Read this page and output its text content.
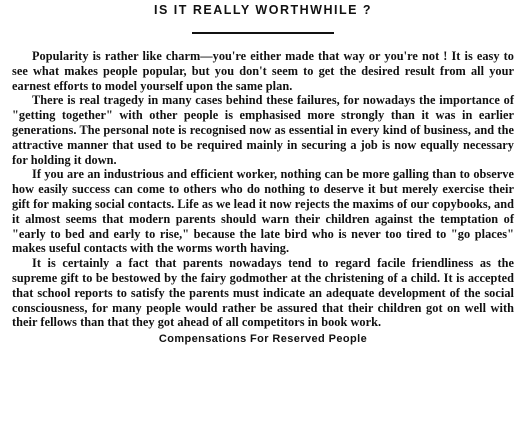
IS IT REALLY WORTHWHILE ?

Popularity is rather like charm—you're either made that way or you're not ! It is easy to see what makes people popular, but you don't seem to get the desired result from all your earnest efforts to model yourself upon the same plan.

There is real tragedy in many cases behind these failures, for nowadays the importance of "getting together" with other people is emphasised more strongly than it was in earlier generations. The personal note is recognised now as essential in every kind of business, and the attractive manner that used to be required mainly in securing a job is now equally necessary for holding it down.

If you are an industrious and efficient worker, nothing can be more galling than to observe how easily success can come to others who do nothing to deserve it but merely exercise their gift for making social contacts. Life as we lead it now rejects the maxims of our copybooks, and it almost seems that modern parents should warn their children against the temptation of "early to bed and early to rise," because the late bird who is never too tired to "go places" makes useful contacts with the worms worth having.

It is certainly a fact that parents nowadays tend to regard facile friendliness as the supreme gift to be bestowed by the fairy godmother at the christening of a child. It is accepted that school reports to satisfy the parents must indicate an adequate development of the social consciousness, for many people would rather be assured that their children got on well with their fellows than that they got ahead of all competitors in book work.

Compensations For Reserved People
